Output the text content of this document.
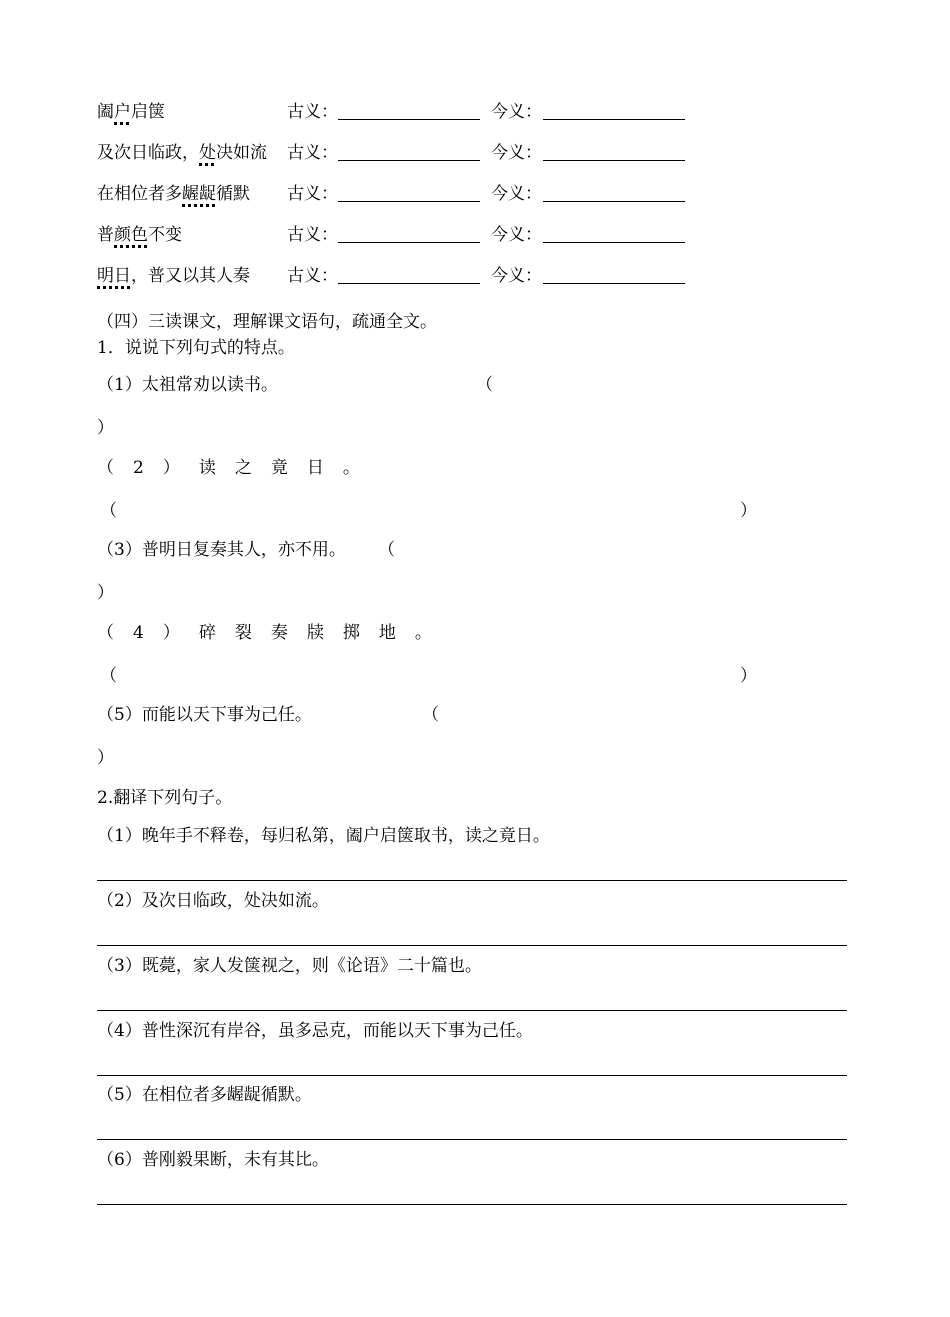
阖户启箧	古义：	今义：
及次日临政，处决如流 古义：	今义：
在相位者多龌龊循默 古义：	今义：
普颜色不变	古义：	今义：
明日，普又以其人奏 古义：	今义：
（四）三读课文，理解课文语句，疏通全文。
1．说说下列句式的特点。
（1）太祖常劝以读书。	（
）
（2）读之竟日。
（	）
（3）普明日复奏其人，亦不用。 （
）
（4）碎裂奏牍掷地。
（	）
（5）而能以天下事为己任。	（
）
2.翻译下列句子。
（1）晚年手不释卷，每归私第，阖户启箧取书，读之竟日。
（2）及次日临政，处决如流。
（3）既薨，家人发箧视之，则《论语》二十篇也。
（4）普性深沉有岸谷，虽多忌克，而能以天下事为己任。
（5）在相位者多龌龊循默。
（6）普刚毅果断，未有其比。
